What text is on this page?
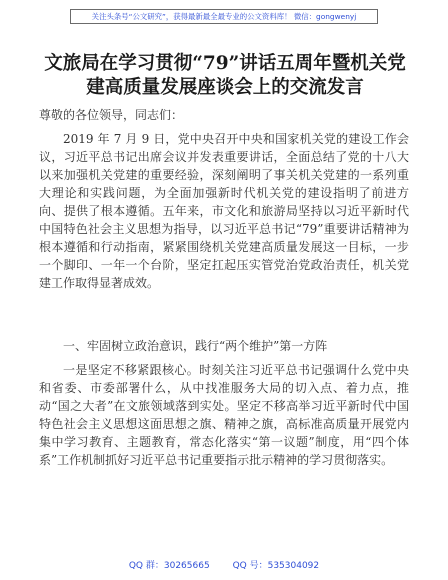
关注头条号“公文研究”，获得最新最全最专业的公文资料库！ 微信：gongwenyj
文旅局在学习贯彻“79”讲话五周年暨机关党
建高质量发展座谈会上的交流发言

尊敬的各位领导，同志们：

2019 年 7 月 9 日，党中央召开中央和国家机关党的建设工作会议，习近平总书记出席会议并发表重要讲话，全面总结了党的十八大以来加强机关党建的重要经验，深刻阐明了事关机关党建的一系列重大理论和实践问题，为全面加强新时代机关党的建设指明了前进方向、提供了根本遵循。五年来，市文化和旅游局坚持以习近平新时代中国特色社会主义思想为指导，以习近平总书记“79”重要讲话精神为根本遵循和行动指南，紧紧围绕机关党建高质量发展这一目标，一步一个脚印、一年一个台阶，坚定扛起压实管党治党政治责任，机关党建工作取得显著成效。

一、牢固树立政治意识，践行“两个维护”第一方阵

一是坚定不移紧跟核心。时刻关注习近平总书记强调什么党中央和省委、市委部署什么，从中找准服务大局的切入点、着力点，推动“国之大者”在文旅领域落到实处。坚定不移高举习近平新时代中国特色社会主义思想这面思想之旗、精神之旗，高标准高质量开展党内集中学习教育、主题教育，常态化落实“第一议题”制度，用“四个体系”工作机制抓好习近平总书记重要指示批示精神的学习贯彻落实。

QQ 群：30265665	QQ 号：535304092
